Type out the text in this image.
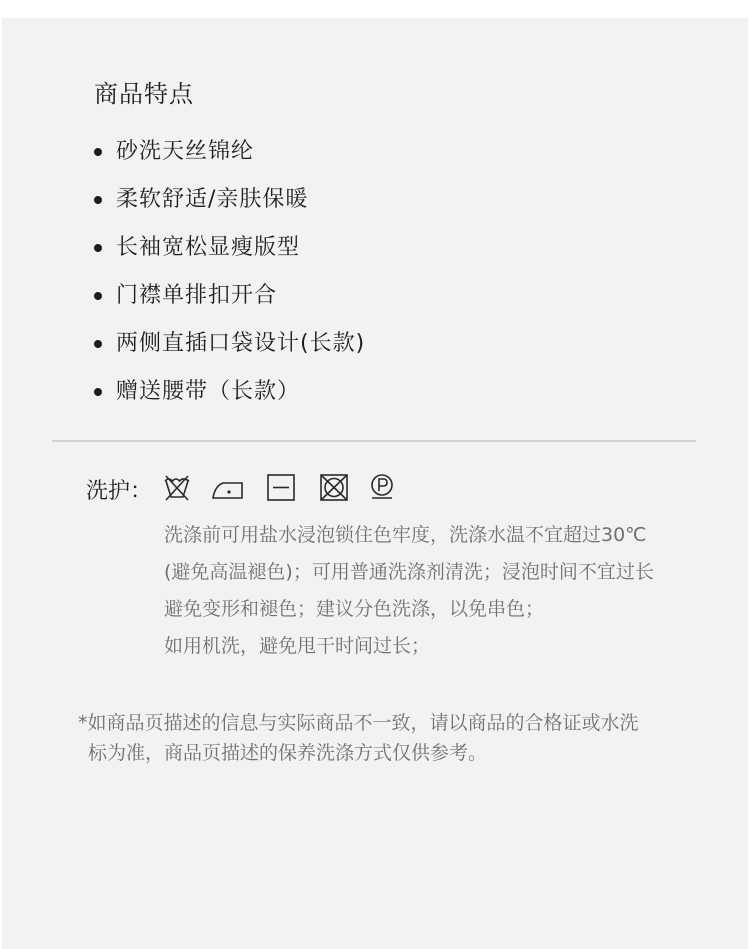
商品特点
砂洗天丝锦纶
柔软舒适/亲肤保暖
长袖宽松显瘦版型
门襟单排扣开合
两侧直插口袋设计(长款)
赠送腰带（长款）
洗护：
洗涤前可用盐水浸泡锁住色牢度，洗涤水温不宜超过30℃
(避免高温褪色)；可用普通洗涤剂清洗；浸泡时间不宜过长
避免变形和褪色；建议分色洗涤，以免串色；
如用机洗，避免甩干时间过长；
*如商品页描述的信息与实际商品不一致，请以商品的合格证或水洗
标为准，商品页描述的保养洗涤方式仅供参考。
